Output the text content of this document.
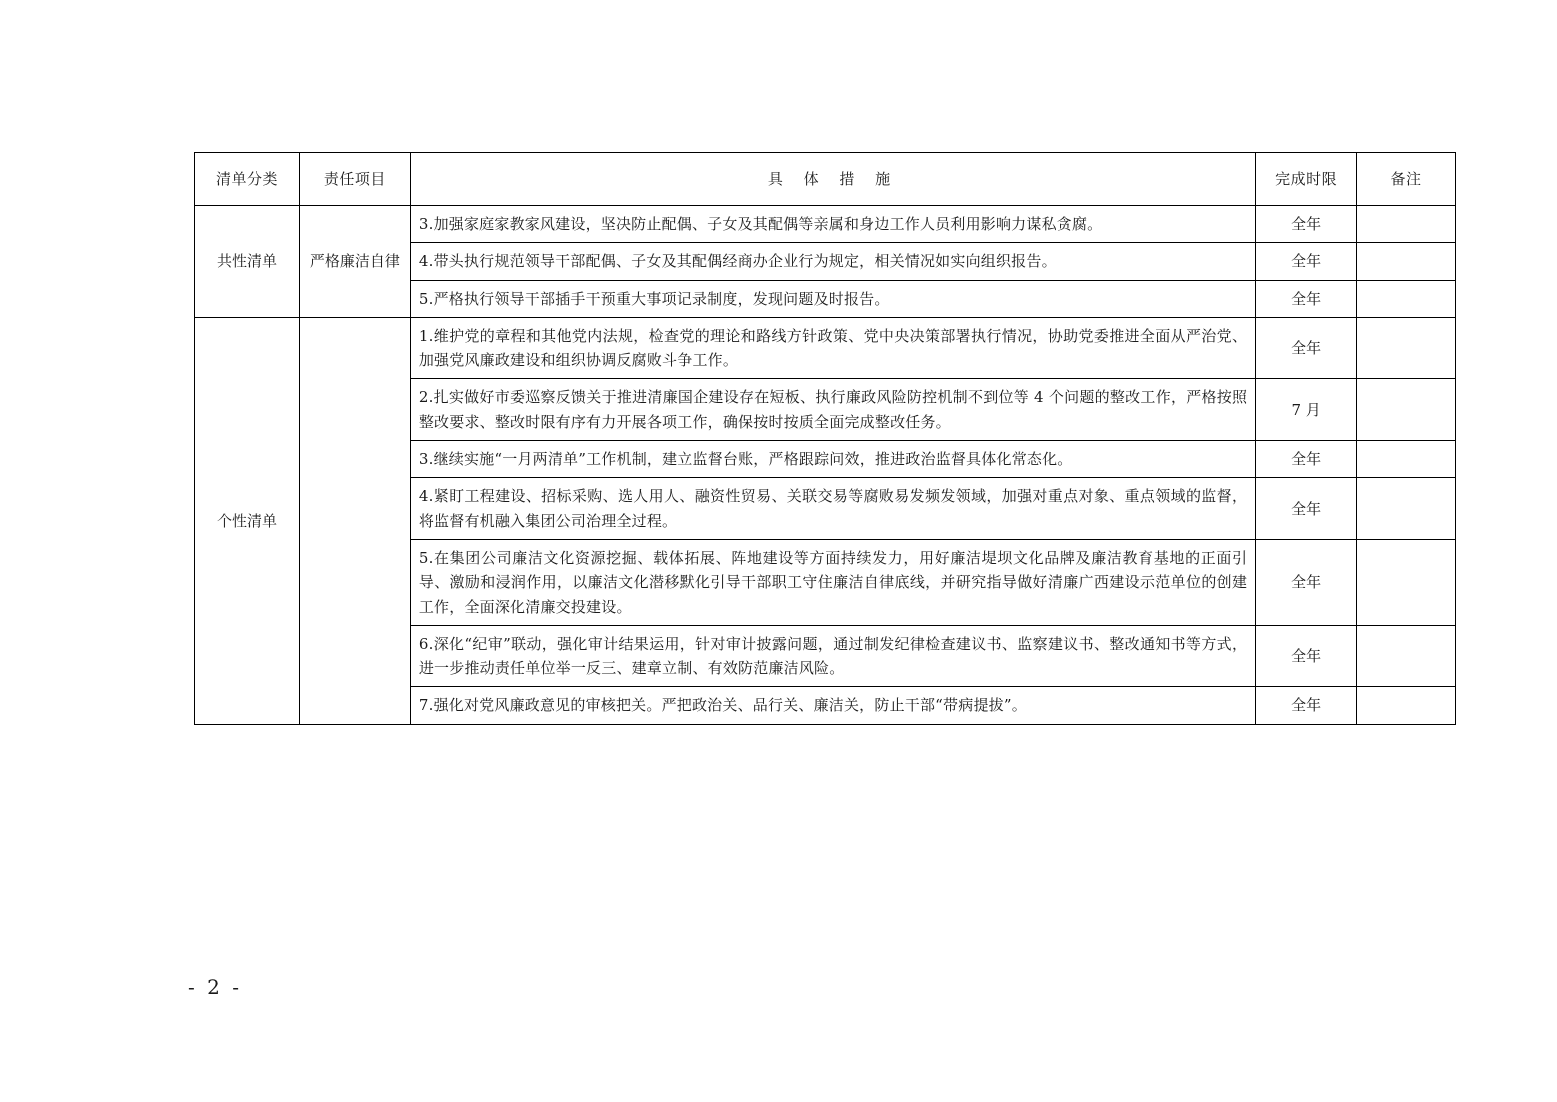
清单分类	责任项目	具 体 措 施	完成时限	备注
共性清单	严格廉洁自律	3.加强家庭家教家风建设，坚决防止配偶、子女及其配偶等亲属和身边工作人员利用影响力谋私贪腐。	全年	
		4.带头执行规范领导干部配偶、子女及其配偶经商办企业行为规定，相关情况如实向组织报告。	全年	
		5.严格执行领导干部插手干预重大事项记录制度，发现问题及时报告。	全年	
个性清单		1.维护党的章程和其他党内法规，检查党的理论和路线方针政策、党中央决策部署执行情况，协助党委推进全面从严治党、加强党风廉政建设和组织协调反腐败斗争工作。	全年	
		2.扎实做好市委巡察反馈关于推进清廉国企建设存在短板、执行廉政风险防控机制不到位等 4 个问题的整改工作，严格按照整改要求、整改时限有序有力开展各项工作，确保按时按质全面完成整改任务。	7 月	
		3.继续实施“一月两清单”工作机制，建立监督台账，严格跟踪问效，推进政治监督具体化常态化。	全年	
		4.紧盯工程建设、招标采购、选人用人、融资性贸易、关联交易等腐败易发频发领域，加强对重点对象、重点领域的监督，将监督有机融入集团公司治理全过程。	全年	
		5.在集团公司廉洁文化资源挖掘、载体拓展、阵地建设等方面持续发力，用好廉洁堤坝文化品牌及廉洁教育基地的正面引导、激励和浸润作用，以廉洁文化潜移默化引导干部职工守住廉洁自律底线，并研究指导做好清廉广西建设示范单位的创建工作，全面深化清廉交投建设。	全年	
		6.深化“纪审”联动，强化审计结果运用，针对审计披露问题，通过制发纪律检查建议书、监察建议书、整改通知书等方式，进一步推动责任单位举一反三、建章立制、有效防范廉洁风险。	全年	
		7.强化对党风廉政意见的审核把关。严把政治关、品行关、廉洁关，防止干部“带病提拔”。	全年	
- 2 -
